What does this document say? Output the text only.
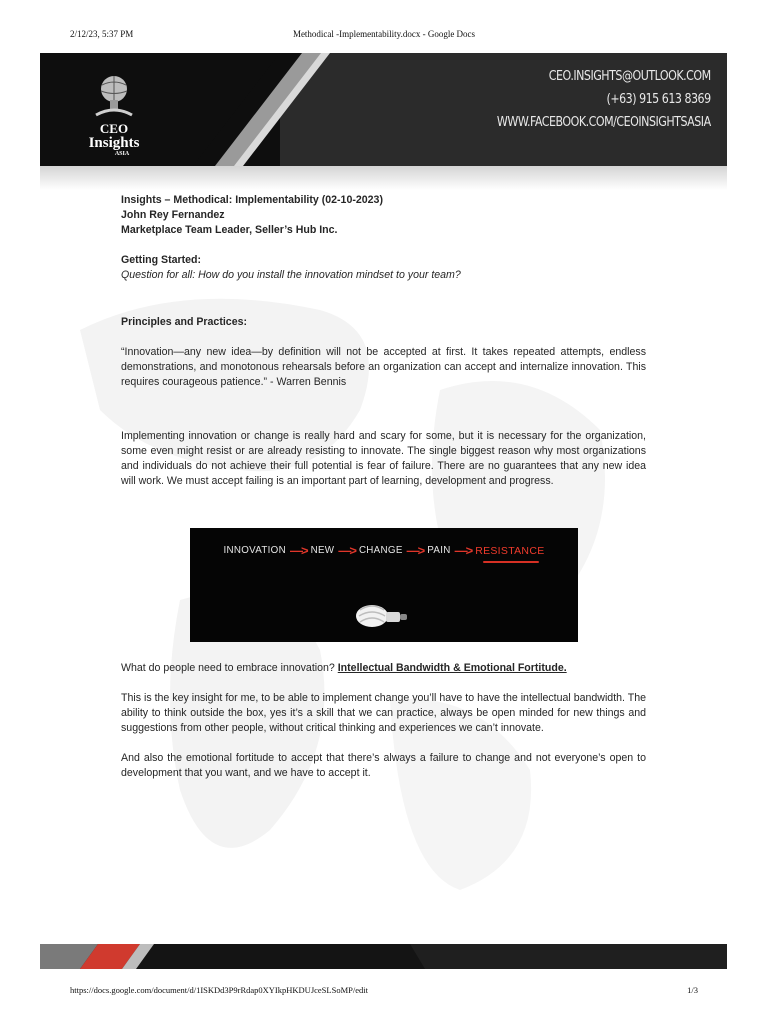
2/12/23, 5:37 PM	Methodical -Implementability.docx - Google Docs
CEO
Insights
ASIA
CEO.INSIGHTS@OUTLOOK.COM
(+63) 915 613 8369
WWW.FACEBOOK.COM/CEOINSIGHTSASIA

Insights – Methodical: Implementability (02-10-2023)

John Rey Fernandez

Marketplace Team Leader, Seller’s Hub Inc.

Getting Started:

Question for all: How do you install the innovation mindset to your team?

Principles and Practices:

“Innovation—any new idea—by definition will not be accepted at first. It takes repeated attempts, endless demonstrations, and monotonous rehearsals before an organization can accept and internalize innovation. This requires courageous patience.” - Warren Bennis

Implementing innovation or change is really hard and scary for some, but it is necessary for the organization, some even might resist or are already resisting to innovate. The single biggest reason why most organizations and individuals do not achieve their full potential is fear of failure. There are no guarantees that any new idea will work. We must accept failing is an important part of learning, development and progress.

What do people need to embrace innovation? Intellectual Bandwidth & Emotional Fortitude.

This is the key insight for me, to be able to implement change you’ll have to have the intellectual bandwidth. The ability to think outside the box, yes it’s a skill that we can practice, always be open minded for new things and suggestions from other people, without critical thinking and experiences we can’t innovate.

And also the emotional fortitude to accept that there’s always a failure to change and not everyone’s open to development that you want, and we have to accept it.

INNOVATION —> NEW —> CHANGE —> PAIN —> RESISTANCE
https://docs.google.com/document/d/1ISKDd3P9rRdap0XYIkpHKDUJceSLSoMP/edit	1/3
